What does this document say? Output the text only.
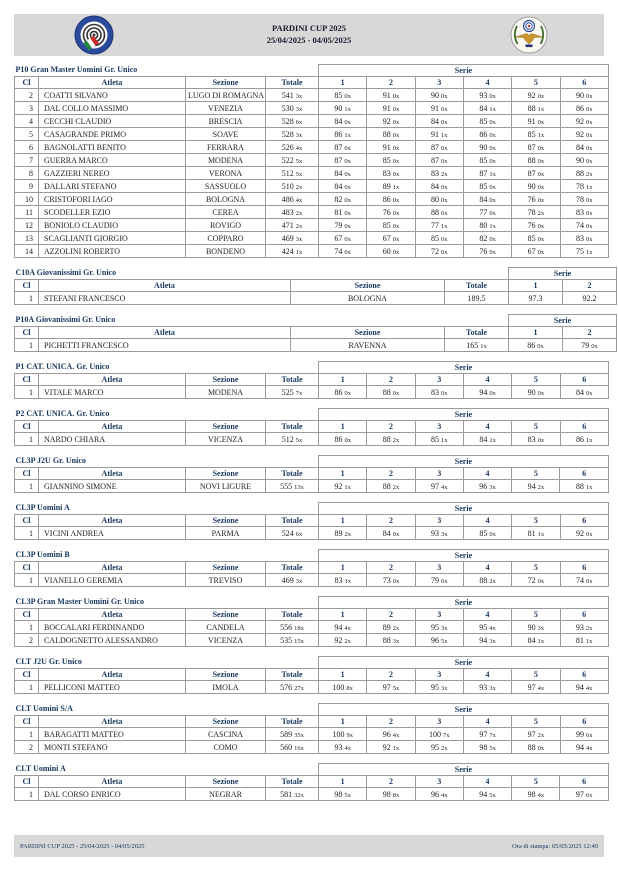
PARDINI CUP 2025
25/04/2025 - 04/05/2025
P10 Gran Master Uomini Gr. Unico				Serie					
Cl	Atleta	Sezione	Totale	1	2	3	4	5	6
2	COATTI SILVANO	LUGO DI ROMAGNA	541 3x	85 0x	91 0x	90 0x	93 0x	92 0x	90 0x
3	DAL COLLO MASSIMO	VENEZIA	530 3x	90 1x	91 0x	91 0x	84 1x	88 1x	86 0x
4	CECCHI CLAUDIO	BRESCIA	528 6x	84 0x	92 0x	84 0x	85 0x	91 0x	92 0x
5	CASAGRANDE PRIMO	SOAVE	528 3x	86 1x	88 0x	91 1x	86 0x	85 1x	92 0x
6	BAGNOLATTI BENITO	FERRARA	526 4x	87 0x	91 0x	87 0x	90 0x	87 0x	84 0x
7	GUERRA MARCO	MODENA	522 5x	87 0x	85 0x	87 0x	85 0x	88 0x	90 0x
8	GAZZIERI NEREO	VERONA	512 5x	84 0x	83 0x	83 2x	87 1x	87 0x	88 2x
9	DALLARI STEFANO	SASSUOLO	510 2x	84 0x	89 1x	84 0x	85 0x	90 0x	78 1x
10	CRISTOFORI IAGO	BOLOGNA	486 4x	82 0x	86 0x	80 0x	84 0x	76 0x	78 0x
11	SCODELLER EZIO	CEREA	483 2x	81 0x	76 0x	88 0x	77 0x	78 2x	83 0x
12	BONIOLO CLAUDIO	ROVIGO	471 2x	79 0x	85 0x	77 1x	80 1x	76 0x	74 0x
13	SCAGLIANTI GIORGIO	COPPARO	469 3x	67 0x	67 0x	85 0x	82 0x	85 0x	83 0x
14	AZZOLINI ROBERTO	BONDENO	424 1x	74 0x	60 0x	72 0x	76 0x	67 0x	75 1x
C10A Giovanissimi Gr. Unico				Serie	
Cl	Atleta	Sezione	Totale	1	2
1	STEFANI FRANCESCO	BOLOGNA	189.5	97.3	92.2
P10A Giovanissimi Gr. Unico				Serie	
Cl	Atleta	Sezione	Totale	1	2
1	PICHETTI FRANCESCO	RAVENNA	165 1x	86 0x	79 0x
P1 CAT. UNICA. Gr. Unico				Serie					
Cl	Atleta	Sezione	Totale	1	2	3	4	5	6
1	VITALE MARCO	MODENA	525 7x	86 0x	88 0x	83 0x	94 0x	90 0x	84 0x
P2 CAT. UNICA. Gr. Unico				Serie					
Cl	Atleta	Sezione	Totale	1	2	3	4	5	6
1	NARDO CHIARA	VICENZA	512 5x	86 0x	88 2x	85 1x	84 1x	83 0x	86 1x
CL3P J2U Gr. Unico				Serie					
Cl	Atleta	Sezione	Totale	1	2	3	4	5	6
1	GIANNINO SIMONE	NOVI LIGURE	555 13x	92 1x	88 2x	97 4x	96 3x	94 2x	88 1x
CL3P Uomini A				Serie					
Cl	Atleta	Sezione	Totale	1	2	3	4	5	6
1	VICINI ANDREA	PARMA	524 6x	89 2x	84 0x	93 3x	85 0x	81 1x	92 0x
CL3P Uomini B				Serie					
Cl	Atleta	Sezione	Totale	1	2	3	4	5	6
1	VIANELLO GEREMIA	TREVISO	469 3x	83 1x	73 0x	79 0x	88 2x	72 0x	74 0x
CL3P Gran Master Uomini Gr. Unico				Serie					
Cl	Atleta	Sezione	Totale	1	2	3	4	5	6
1	BOCCALARI FERDINANDO	CANDELA	556 18x	94 4x	89 2x	95 3x	95 4x	90 3x	93 2x
2	CALDOGNETTO ALESSANDRO	VICENZA	535 15x	92 2x	88 3x	96 5x	94 3x	84 1x	81 1x
CLT J2U Gr. Unico				Serie					
Cl	Atleta	Sezione	Totale	1	2	3	4	5	6
1	PELLICONI MATTEO	IMOLA	576 27x	100 8x	97 5x	95 3x	93 3x	97 4x	94 4x
CLT Uomini S/A				Serie					
Cl	Atleta	Sezione	Totale	1	2	3	4	5	6
1	BARAGATTI MATTEO	CASCINA	589 35x	100 9x	96 4x	100 7x	97 7x	97 2x	99 6x
2	MONTI STEFANO	COMO	560 16x	93 4x	92 1x	95 2x	98 5x	88 0x	94 4x
CLT Uomini A				Serie					
Cl	Atleta	Sezione	Totale	1	2	3	4	5	6
1	DAL CORSO ENRICO	NEGRAR	581 32x	98 5x	98 8x	96 4x	94 5x	98 4x	97 6x
PARDINI CUP 2025 - 25/04/2025 - 04/05/2025	Ora di stampa: 05/05/2025 12:40
